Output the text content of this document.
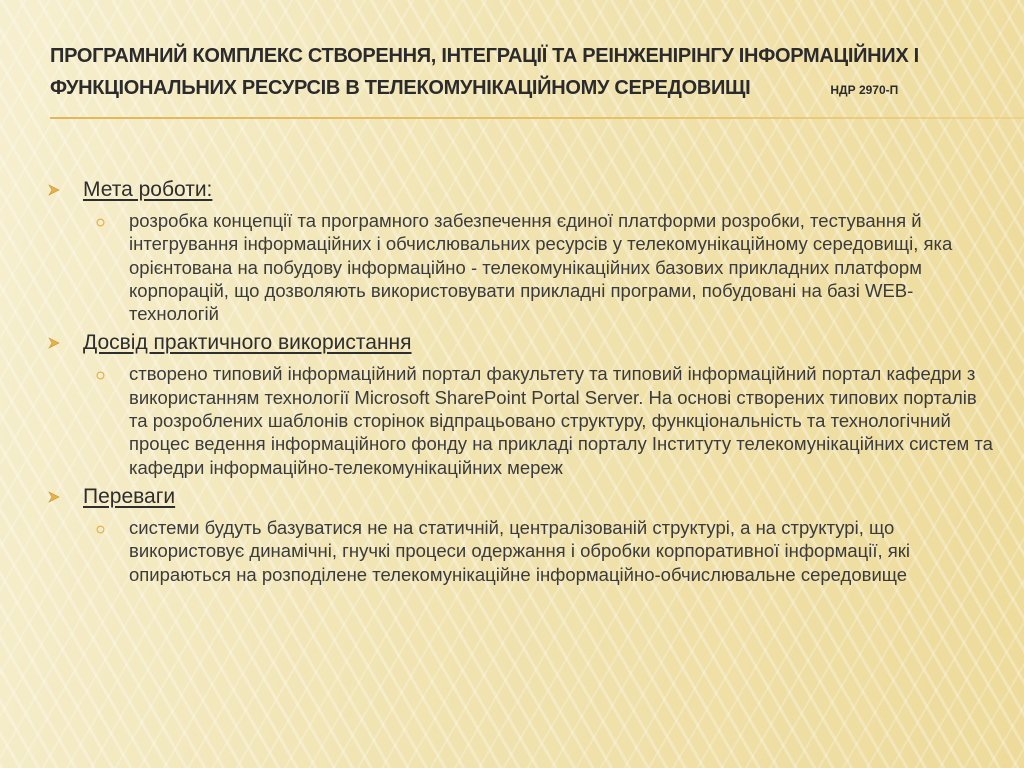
ПРОГРАМНИЙ КОМПЛЕКС СТВОРЕННЯ, ІНТЕГРАЦІЇ ТА РЕІНЖЕНІРІНГУ ІНФОРМАЦІЙНИХ І ФУНКЦІОНАЛЬНИХ РЕСУРСІВ В ТЕЛЕКОМУНІКАЦІЙНОМУ СЕРЕДОВИЩІ	НДР 2970-П
Мета роботи:
розробка концепції та програмного забезпечення єдиної платформи розробки, тестування й інтегрування інформаційних і обчислювальних ресурсів у телекомунікаційному середовищі, яка орієнтована на побудову інформаційно - телекомунікаційних базових прикладних платформ корпорацій, що дозволяють використовувати прикладні програми, побудовані на базі WEB-технологій
Досвід практичного використання
створено типовий інформаційний портал факультету та типовий інформаційний портал кафедри з використанням технології Microsoft SharePoint Portal Server. На основі створених типових порталів та розроблених шаблонів сторінок відпрацьовано структуру, функціональність та технологічний процес ведення інформаційного фонду на прикладі порталу Інституту телекомунікаційних систем та кафедри інформаційно-телекомунікаційних мереж
Переваги
системи будуть базуватися не на статичній, централізованій структурі, а на структурі, що використовує динамічні, гнучкі процеси одержання і обробки корпоративної інформації, які опираються на розподілене телекомунікаційне інформаційно-обчислювальне середовище
